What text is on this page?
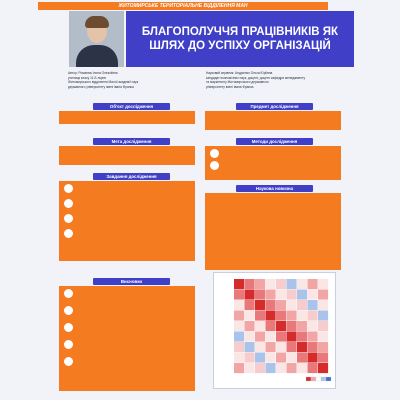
ЖИТОМИРСЬКЕ ТЕРИТОРІАЛЬНЕ ВІДДІЛЕННЯ МАН
БЛАГОПОЛУЧЧЯ ПРАЦІВНИКІВ ЯК
ШЛЯХ ДО УСПІХУ ОРГАНІЗАЦІЙ
Автор: Романюк Ілона Олексіївна
учениця класу 11-Б ліцею
Житомирського відділення Малої академії наук
державного університету імені Івана Франка
Науковий керівник: Андрієнко Ольга Юріївна
кандидат економічних наук, доцент, доцент кафедри менеджменту
та маркетингу Житомирського державного
університету імені Івана Франка
Об'єкт дослідження	Предмет дослідження
Мета дослідження	Методи дослідження
Завдання дослідження
Наукова новизна
Висновки
